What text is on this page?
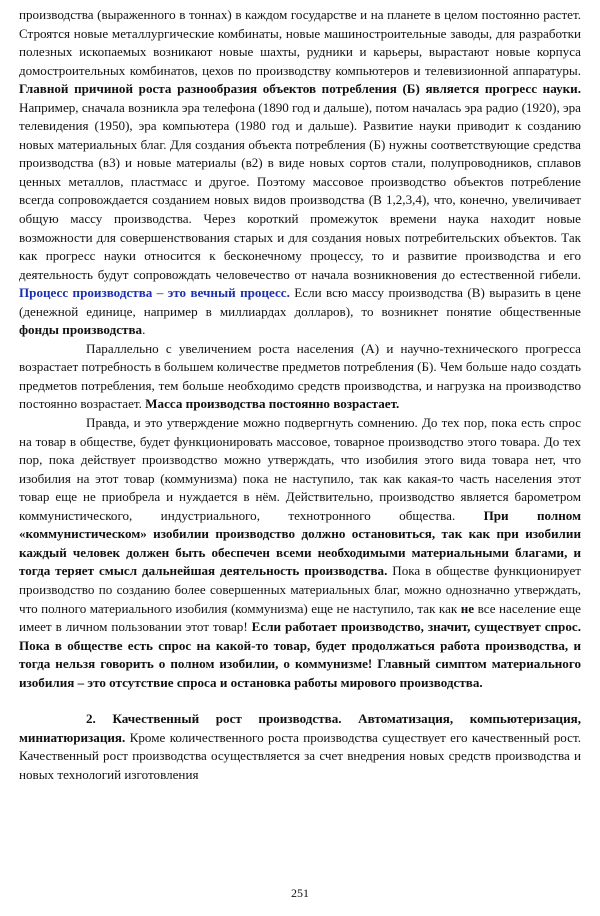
производства (выраженного в тоннах) в каждом государстве и на планете в целом постоянно растет. Строятся новые металлургические комбинаты, новые машиностроительные заводы, для разработки полезных ископаемых возникают новые шахты, рудники и карьеры, вырастают новые корпуса домостроительных комбинатов, цехов по производству компьютеров и телевизионной аппаратуры. Главной причиной роста разнообразия объектов потребления (Б) является прогресс науки. Например, сначала возникла эра телефона (1890 год и дальше), потом началась эра радио (1920), эра телевидения (1950), эра компьютера (1980 год и дальше). Развитие науки приводит к созданию новых материальных благ. Для создания объекта потребления (Б) нужны соответствующие средства производства (в3) и новые материалы (в2) в виде новых сортов стали, полупроводников, сплавов ценных металлов, пластмасс и другое. Поэтому массовое производство объектов потребление всегда сопровождается созданием новых видов производства (В 1,2,3,4), что, конечно, увеличивает общую массу производства. Через короткий промежуток времени наука находит новые возможности для совершенствования старых и для создания новых потребительских объектов. Так как прогресс науки относится к бесконечному процессу, то и развитие производства и его деятельность будут сопровождать человечество от начала возникновения до естественной гибели. Процесс производства – это вечный процесс. Если всю массу производства (В) выразить в цене (денежной единице, например в миллиардах долларов), то возникнет понятие общественные фонды производства.

Параллельно с увеличением роста населения (А) и научно-технического прогресса возрастает потребность в большем количестве предметов потребления (Б). Чем больше надо создать предметов потребления, тем больше необходимо средств производства, и нагрузка на производство постоянно возрастает. Масса производства постоянно возрастает.

Правда, и это утверждение можно подвергнуть сомнению. До тех пор, пока есть спрос на товар в обществе, будет функционировать массовое, товарное производство этого товара. До тех пор, пока действует производство можно утверждать, что изобилия этого вида товара нет, что изобилия на этот товар (коммунизма) пока не наступило, так как какая-то часть населения этот товар еще не приобрела и нуждается в нём. Действительно, производство является барометром коммунистического, индустриального, технотронного общества. При полном «коммунистическом» изобилии производство должно остановиться, так как при изобилии каждый человек должен быть обеспечен всеми необходимыми материальными благами, и тогда теряет смысл дальнейшая деятельность производства. Пока в обществе функционирует производство по созданию более совершенных материальных благ, можно однозначно утверждать, что полного материального изобилия (коммунизма) еще не наступило, так как не все население еще имеет в личном пользовании этот товар! Если работает производство, значит, существует спрос. Пока в обществе есть спрос на какой-то товар, будет продолжаться работа производства, и тогда нельзя говорить о полном изобилии, о коммунизме! Главный симптом материального изобилия – это отсутствие спроса и остановка работы мирового производства.

2. Качественный рост производства. Автоматизация, компьютеризация, миниатюризация. Кроме количественного роста производства существует его качественный рост. Качественный рост производства осуществляется за счет внедрения новых средств производства и новых технологий изготовления

251
